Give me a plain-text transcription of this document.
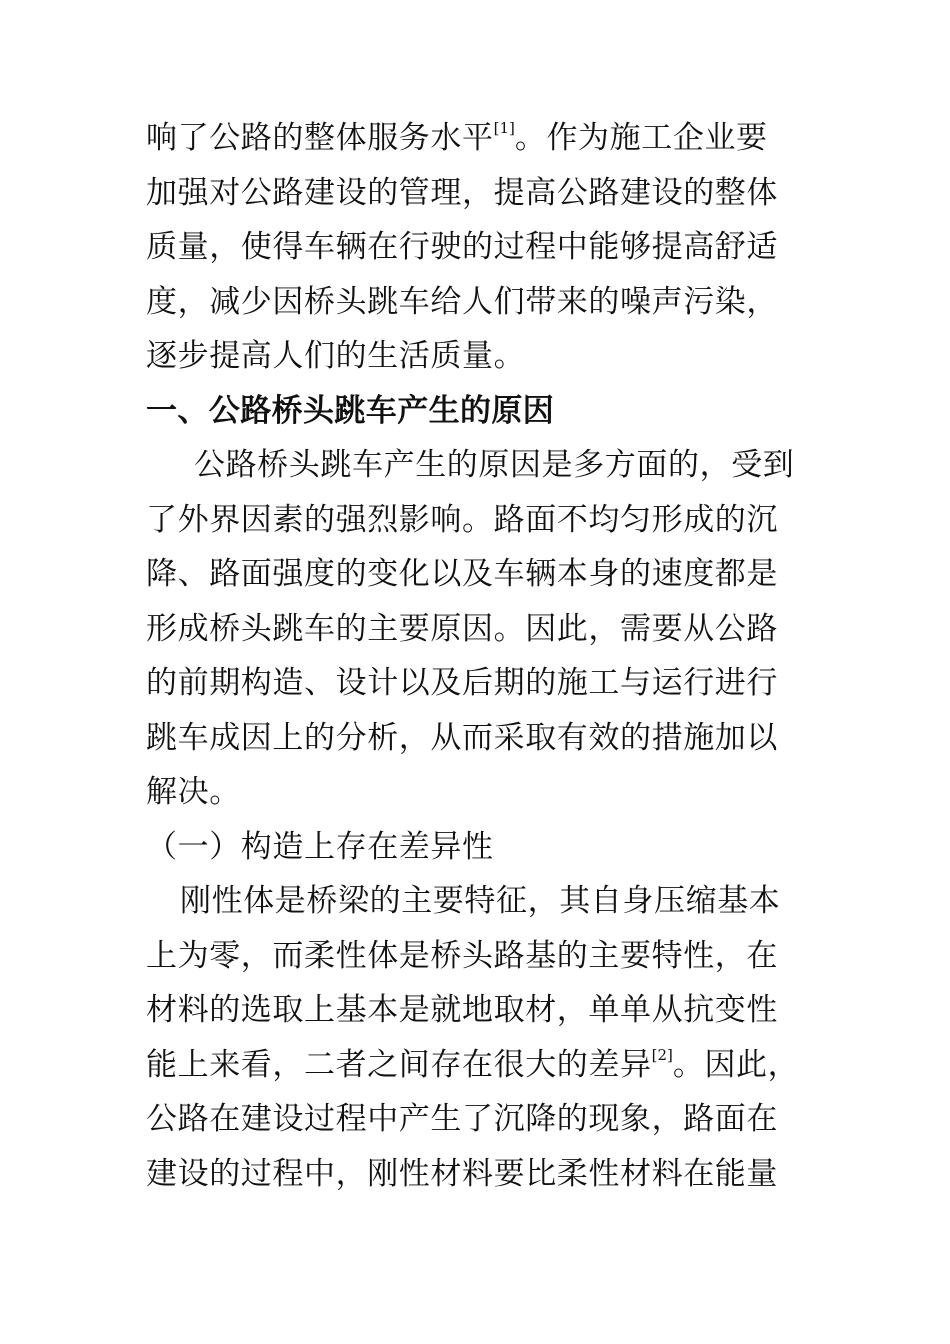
响了公路的整体服务水平[1]。作为施工企业要
加强对公路建设的管理，提高公路建设的整体
质量，使得车辆在行驶的过程中能够提高舒适
度，减少因桥头跳车给人们带来的噪声污染，
逐步提高人们的生活质量。
一、公路桥头跳车产生的原因
公路桥头跳车产生的原因是多方面的，受到
了外界因素的强烈影响。路面不均匀形成的沉
降、路面强度的变化以及车辆本身的速度都是
形成桥头跳车的主要原因。因此，需要从公路
的前期构造、设计以及后期的施工与运行进行
跳车成因上的分析，从而采取有效的措施加以
解决。
（一）构造上存在差异性
刚性体是桥梁的主要特征，其自身压缩基本
上为零，而柔性体是桥头路基的主要特性，在
材料的选取上基本是就地取材，单单从抗变性
能上来看，二者之间存在很大的差异[2]。因此，
公路在建设过程中产生了沉降的现象，路面在
建设的过程中，刚性材料要比柔性材料在能量
